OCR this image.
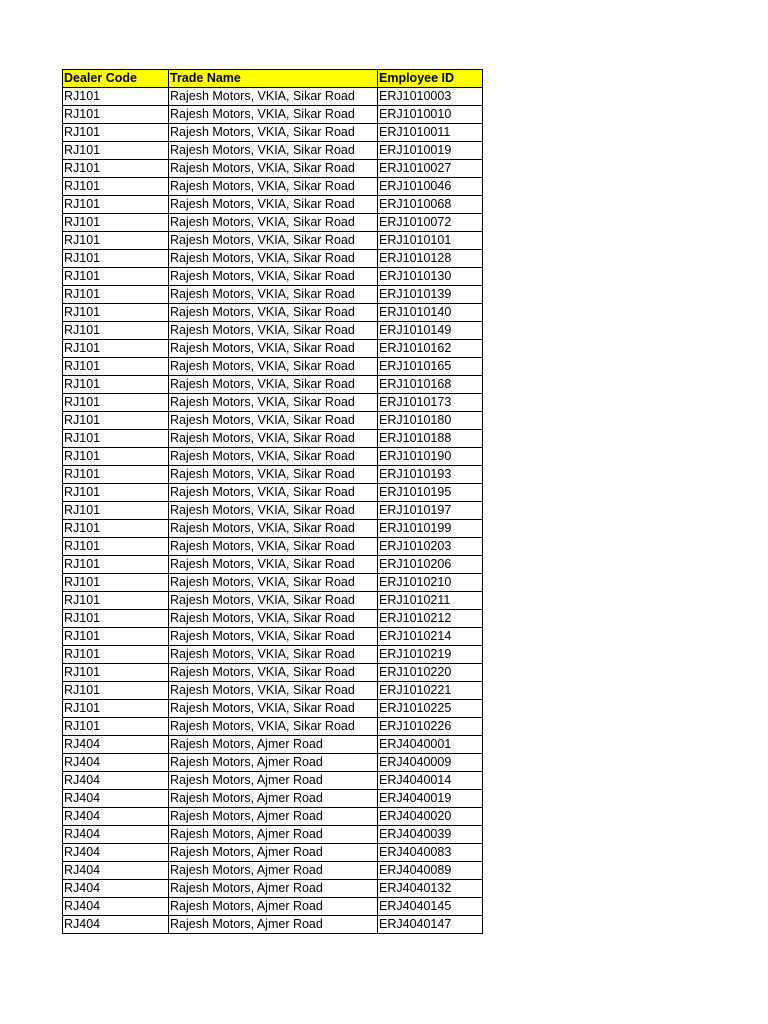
Dealer Code	Trade Name	Employee ID
RJ101	Rajesh Motors, VKIA, Sikar Road	ERJ1010003
RJ101	Rajesh Motors, VKIA, Sikar Road	ERJ1010010
RJ101	Rajesh Motors, VKIA, Sikar Road	ERJ1010011
RJ101	Rajesh Motors, VKIA, Sikar Road	ERJ1010019
RJ101	Rajesh Motors, VKIA, Sikar Road	ERJ1010027
RJ101	Rajesh Motors, VKIA, Sikar Road	ERJ1010046
RJ101	Rajesh Motors, VKIA, Sikar Road	ERJ1010068
RJ101	Rajesh Motors, VKIA, Sikar Road	ERJ1010072
RJ101	Rajesh Motors, VKIA, Sikar Road	ERJ1010101
RJ101	Rajesh Motors, VKIA, Sikar Road	ERJ1010128
RJ101	Rajesh Motors, VKIA, Sikar Road	ERJ1010130
RJ101	Rajesh Motors, VKIA, Sikar Road	ERJ1010139
RJ101	Rajesh Motors, VKIA, Sikar Road	ERJ1010140
RJ101	Rajesh Motors, VKIA, Sikar Road	ERJ1010149
RJ101	Rajesh Motors, VKIA, Sikar Road	ERJ1010162
RJ101	Rajesh Motors, VKIA, Sikar Road	ERJ1010165
RJ101	Rajesh Motors, VKIA, Sikar Road	ERJ1010168
RJ101	Rajesh Motors, VKIA, Sikar Road	ERJ1010173
RJ101	Rajesh Motors, VKIA, Sikar Road	ERJ1010180
RJ101	Rajesh Motors, VKIA, Sikar Road	ERJ1010188
RJ101	Rajesh Motors, VKIA, Sikar Road	ERJ1010190
RJ101	Rajesh Motors, VKIA, Sikar Road	ERJ1010193
RJ101	Rajesh Motors, VKIA, Sikar Road	ERJ1010195
RJ101	Rajesh Motors, VKIA, Sikar Road	ERJ1010197
RJ101	Rajesh Motors, VKIA, Sikar Road	ERJ1010199
RJ101	Rajesh Motors, VKIA, Sikar Road	ERJ1010203
RJ101	Rajesh Motors, VKIA, Sikar Road	ERJ1010206
RJ101	Rajesh Motors, VKIA, Sikar Road	ERJ1010210
RJ101	Rajesh Motors, VKIA, Sikar Road	ERJ1010211
RJ101	Rajesh Motors, VKIA, Sikar Road	ERJ1010212
RJ101	Rajesh Motors, VKIA, Sikar Road	ERJ1010214
RJ101	Rajesh Motors, VKIA, Sikar Road	ERJ1010219
RJ101	Rajesh Motors, VKIA, Sikar Road	ERJ1010220
RJ101	Rajesh Motors, VKIA, Sikar Road	ERJ1010221
RJ101	Rajesh Motors, VKIA, Sikar Road	ERJ1010225
RJ101	Rajesh Motors, VKIA, Sikar Road	ERJ1010226
RJ404	Rajesh Motors, Ajmer Road	ERJ4040001
RJ404	Rajesh Motors, Ajmer Road	ERJ4040009
RJ404	Rajesh Motors, Ajmer Road	ERJ4040014
RJ404	Rajesh Motors, Ajmer Road	ERJ4040019
RJ404	Rajesh Motors, Ajmer Road	ERJ4040020
RJ404	Rajesh Motors, Ajmer Road	ERJ4040039
RJ404	Rajesh Motors, Ajmer Road	ERJ4040083
RJ404	Rajesh Motors, Ajmer Road	ERJ4040089
RJ404	Rajesh Motors, Ajmer Road	ERJ4040132
RJ404	Rajesh Motors, Ajmer Road	ERJ4040145
RJ404	Rajesh Motors, Ajmer Road	ERJ4040147
